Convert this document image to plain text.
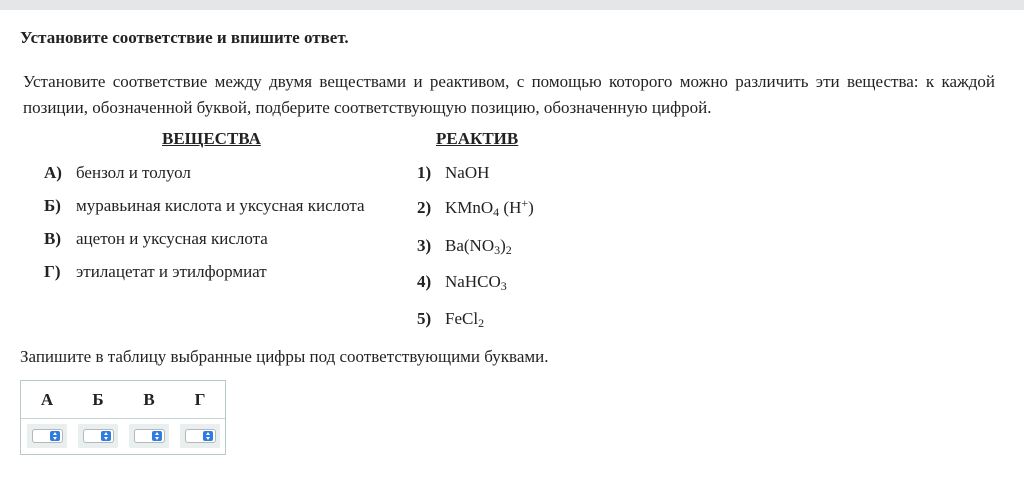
Установите соответствие и впишите ответ.
Установите соответствие между двумя веществами и реактивом, с помощью которого можно различить эти вещества: к каждой позиции, обозначенной буквой, подберите соответствующую позицию, обозначенную цифрой.
ВЕЩЕСТВА	РЕАКТИВ
А) бензол и толуол
Б) муравьиная кислота и уксусная кислота
В) ацетон и уксусная кислота
Г) этилацетат и этилформиат
1) NaOH
2) KMnO$_4$ (H+)
3) $Ba(NO_3)_2$
4) NaHCO$_3$
5) FeCl$_2$
Запишите в таблицу выбранные цифры под соответствующими буквами.
А	Б	В	Г
